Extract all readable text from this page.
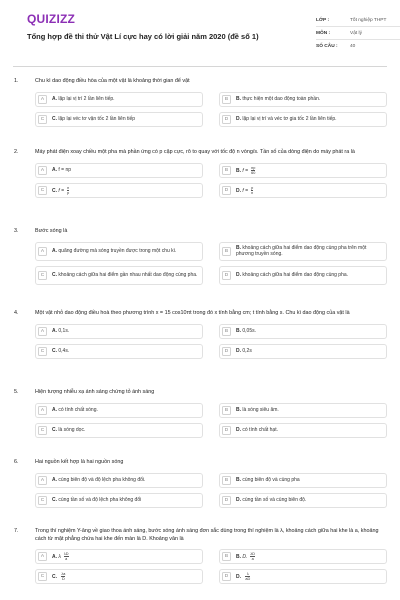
QUIZIZZ
Tổng hợp đề thi thử Vật Lí cực hay có lời giải năm 2020 (đề số 1)
LỚP :	Tốt nghiệp THPT
MÔN :	Vật lý
SỐ CÂU :	40
1.	Chu kì dao động điều hòa của một vật là khoảng thời gian để vật
A	A. lặp lại vị trí 2 lần liên tiếp.	B	B. thực hiện một dao động toàn phần.
C	C. lặp lại véc tơ vận tốc 2 lần liên tiếp	D	D. lặp lại vị trí và véc tơ gia tốc 2 lần liên tiếp.
2.	Máy phát điện xoay chiều một pha mà phần ứng có p cặp cực, rô to quay với tốc độ n vòng/s. Tần số của dòng điện do máy phát ra là
A	A. f = np	B	B. $f = \frac{np}{60}$
C	C. $f = \frac{n}{p}$	D	D. $f = \frac{p}{n}$
3.	Bước sóng là
A	A. quãng đường mà sóng truyền được trong một chu kì.	B
B. khoảng cách giữa hai điểm dao động cùng pha trên một phương truyền sóng.
C	C. khoảng cách giữa hai điểm gần nhau nhất dao động cùng pha.	D	D. khoảng cách giữa hai điểm dao động cùng pha.
4.	Một vật nhỏ dao động điều hoà theo phương trình x = 15 cos10πt trong đó x tính bằng cm; t tính bằng s. Chu kì dao động của vật là
A	A. 0,1s.	B	B. 0,05s.
C	C. 0,4s.	D	D. 0,2s
5.	Hiện tượng nhiễu xạ ánh sáng chứng tỏ ánh sáng
A	A. có tính chất sóng.	B	B. là sóng siêu âm.
C	C. là sóng dọc.	D	D. có tính chất hạt.
6.	Hai nguồn kết hợp là hai nguồn sóng
A	A. cùng biên độ và độ lệch pha không đổi.	B	B. cùng biên độ và cùng pha
C	C. cùng tần số và độ lệch pha không đổi	D	D. cùng tần số và cùng biên độ.
7.	Trong thí nghiệm Y-âng về giao thoa ánh sáng, bước sóng ánh sáng đơn sắc dùng trong thí nghiệm là λ, khoảng cách giữa hai khe là a, khoảng cách từ mặt phẳng chứa hai khe đến màn là D. Khoảng vân là
A	A. λ $\frac{\lambda D}{a}$	B	B. D. $\frac{\lambda D}{a}$
C	C. $\frac{\lambda a}{D}$	D	D. $\frac{\lambda}{aD}$
